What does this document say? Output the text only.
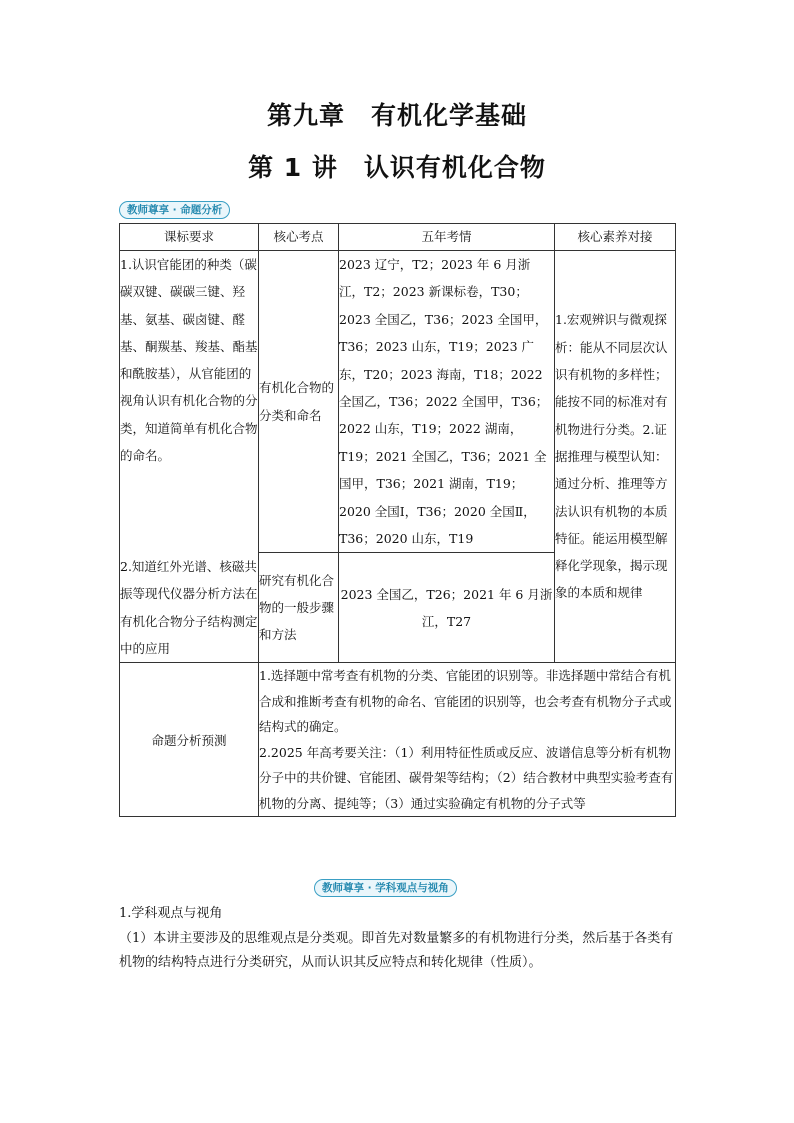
第九章　有机化学基础
第 1 讲　认识有机化合物
教师尊享 · 命题分析
课标要求	核心考点	五年考情	核心素养对接
1.认识官能团的种类（碳碳双键、碳碳三键、羟基、氨基、碳卤键、醛基、酮羰基、羧基、酯基和酰胺基），从官能团的视角认识有机化合物的分类，知道简单有机化合物的命名。	有机化合物的分类和命名	2023 辽宁，T2；2023 年 6 月浙江，T2；2023 新课标卷，T30；2023 全国乙，T36；2023 全国甲，T36；2023 山东，T19；2023 广东，T20；2023 海南，T18；2022 全国乙，T36；2022 全国甲，T36；2022 山东，T19；2022 湖南，T19；2021 全国乙，T36；2021 全国甲，T36；2021 湖南，T19；2020 全国Ⅰ，T36；2020 全国Ⅱ，T36；2020 山东，T19	1.宏观辨识与微观探析：能从不同层次认识有机物的多样性；能按不同的标准对有机物进行分类。2.证据推理与模型认知：通过分析、推理等方法认识有机物的本质特征。能运用模型解释化学现象，揭示现象的本质和规律
2.知道红外光谱、核磁共振等现代仪器分析方法在有机化合物分子结构测定中的应用	研究有机化合物的一般步骤和方法	2023 全国乙，T26；2021 年 6 月浙江，T27	
命题分析预测	1.选择题中常考查有机物的分类、官能团的识别等。非选择题中常结合有机合成和推断考查有机物的命名、官能团的识别等，也会考查有机物分子式或结构式的确定。
2.2025 年高考要关注：（1）利用特征性质或反应、波谱信息等分析有机物分子中的共价键、官能团、碳骨架等结构；（2）结合教材中典型实验考查有机物的分离、提纯等；（3）通过实验确定有机物的分子式等		
教师尊享 · 学科观点与视角
1.学科观点与视角
（1）本讲主要涉及的思维观点是分类观。即首先对数量繁多的有机物进行分类，然后基于各类有机物的结构特点进行分类研究，从而认识其反应特点和转化规律（性质）。
